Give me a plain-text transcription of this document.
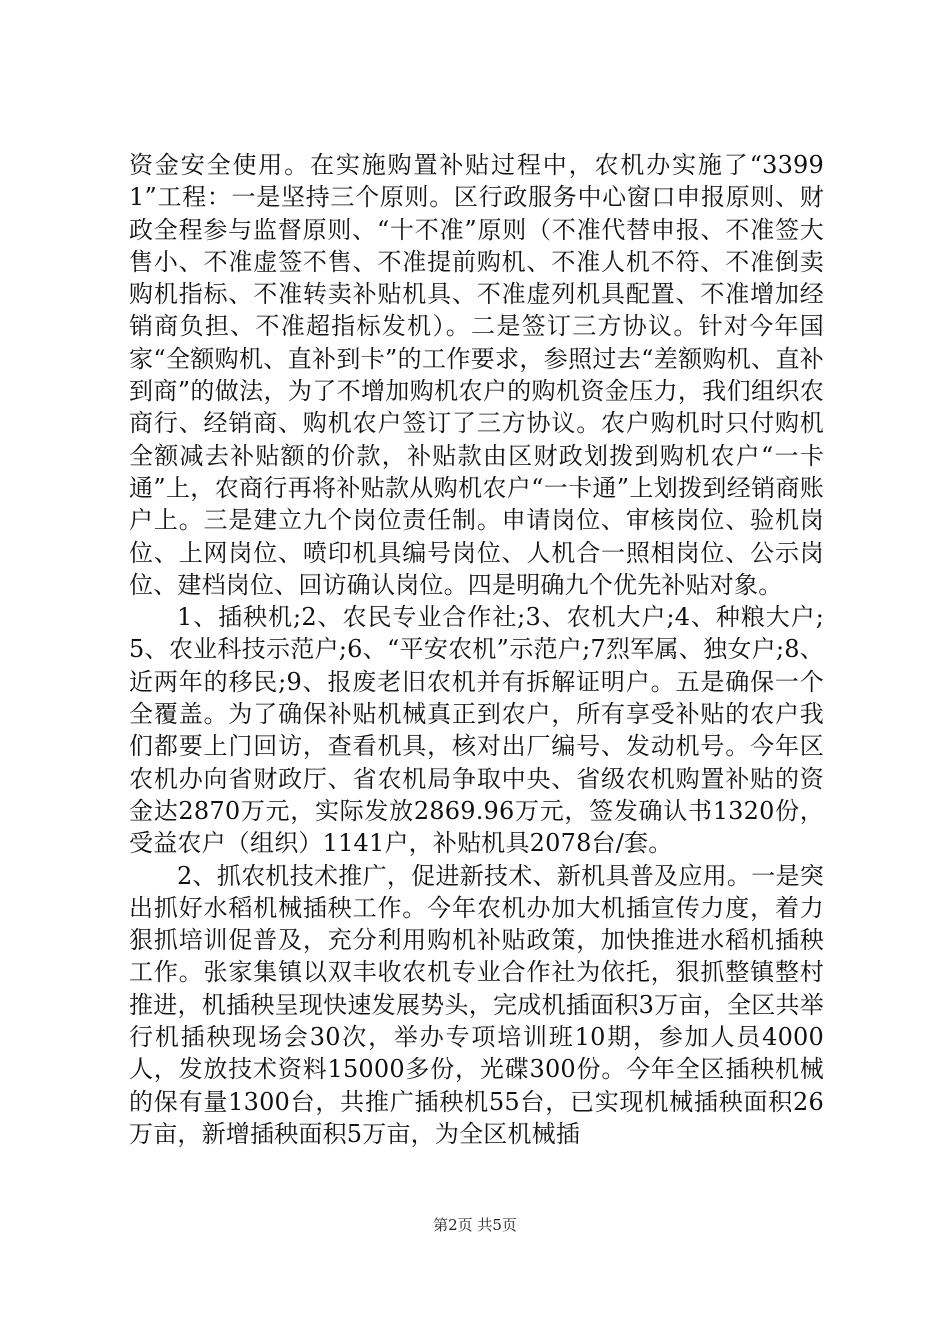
资金安全使用。在实施购置补贴过程中，农机办实施了“33991”工程：一是坚持三个原则。区行政服务中心窗口申报原则、财政全程参与监督原则、“十不准”原则（不准代替申报、不准签大售小、不准虚签不售、不准提前购机、不准人机不符、不准倒卖购机指标、不准转卖补贴机具、不准虚列机具配置、不准增加经销商负担、不准超指标发机）。二是签订三方协议。针对今年国家“全额购机、直补到卡”的工作要求，参照过去“差额购机、直补到商”的做法，为了不增加购机农户的购机资金压力，我们组织农商行、经销商、购机农户签订了三方协议。农户购机时只付购机全额减去补贴额的价款，补贴款由区财政划拨到购机农户“一卡通”上，农商行再将补贴款从购机农户“一卡通”上划拨到经销商账户上。三是建立九个岗位责任制。申请岗位、审核岗位、验机岗位、上网岗位、喷印机具编号岗位、人机合一照相岗位、公示岗位、建档岗位、回访确认岗位。四是明确九个优先补贴对象。

1、插秧机;2、农民专业合作社;3、农机大户;4、种粮大户;5、农业科技示范户;6、“平安农机”示范户;7烈军属、独女户;8、近两年的移民;9、报废老旧农机并有拆解证明户。五是确保一个全覆盖。为了确保补贴机械真正到农户，所有享受补贴的农户我们都要上门回访，查看机具，核对出厂编号、发动机号。今年区农机办向省财政厅、省农机局争取中央、省级农机购置补贴的资金达2870万元，实际发放2869.96万元，签发确认书1320份，受益农户（组织）1141户，补贴机具2078台/套。

2、抓农机技术推广，促进新技术、新机具普及应用。一是突出抓好水稻机械插秧工作。今年农机办加大机插宣传力度，着力狠抓培训促普及，充分利用购机补贴政策，加快推进水稻机插秧工作。张家集镇以双丰收农机专业合作社为依托，狠抓整镇整村推进，机插秧呈现快速发展势头，完成机插面积3万亩，全区共举行机插秧现场会30次，举办专项培训班10期，参加人员4000人，发放技术资料15000多份，光碟300份。今年全区插秧机械的保有量1300台，共推广插秧机55台，已实现机械插秧面积26万亩，新增插秧面积5万亩，为全区机械插

第2页 共5页
